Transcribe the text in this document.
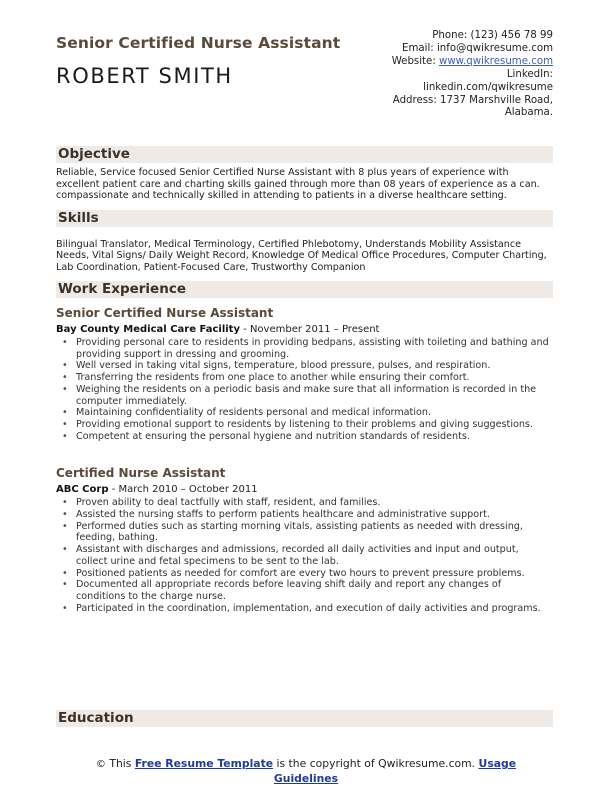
Senior Certified Nurse Assistant
ROBERT SMITH
Phone: (123) 456 78 99
Email: info@qwikresume.com
Website: www.qwikresume.com
LinkedIn:
linkedin.com/qwikresume
Address: 1737 Marshville Road,
Alabama.
Objective
Reliable, Service focused Senior Certified Nurse Assistant with 8 plus years of experience with excellent patient care and charting skills gained through more than 08 years of experience as a can. compassionate and technically skilled in attending to patients in a diverse healthcare setting.
Skills
Bilingual Translator, Medical Terminology, Certified Phlebotomy, Understands Mobility Assistance Needs, Vital Signs/ Daily Weight Record, Knowledge Of Medical Office Procedures, Computer Charting, Lab Coordination, Patient-Focused Care, Trustworthy Companion
Work Experience
Senior Certified Nurse Assistant
Bay County Medical Care Facility - November 2011 – Present
• Providing personal care to residents in providing bedpans, assisting with toileting and bathing and providing support in dressing and grooming.
• Well versed in taking vital signs, temperature, blood pressure, pulses, and respiration.
• Transferring the residents from one place to another while ensuring their comfort.
• Weighing the residents on a periodic basis and make sure that all information is recorded in the computer immediately.
• Maintaining confidentiality of residents personal and medical information.
• Providing emotional support to residents by listening to their problems and giving suggestions.
• Competent at ensuring the personal hygiene and nutrition standards of residents.
Certified Nurse Assistant
ABC Corp - March 2010 – October 2011
• Proven ability to deal tactfully with staff, resident, and families.
• Assisted the nursing staffs to perform patients healthcare and administrative support.
• Performed duties such as starting morning vitals, assisting patients as needed with dressing, feeding, bathing.
• Assistant with discharges and admissions, recorded all daily activities and input and output, collect urine and fetal specimens to be sent to the lab.
• Positioned patients as needed for comfort are every two hours to prevent pressure problems.
• Documented all appropriate records before leaving shift daily and report any changes of conditions to the charge nurse.
• Participated in the coordination, implementation, and execution of daily activities and programs.
Education
© This Free Resume Template is the copyright of Qwikresume.com. Usage
Guidelines
